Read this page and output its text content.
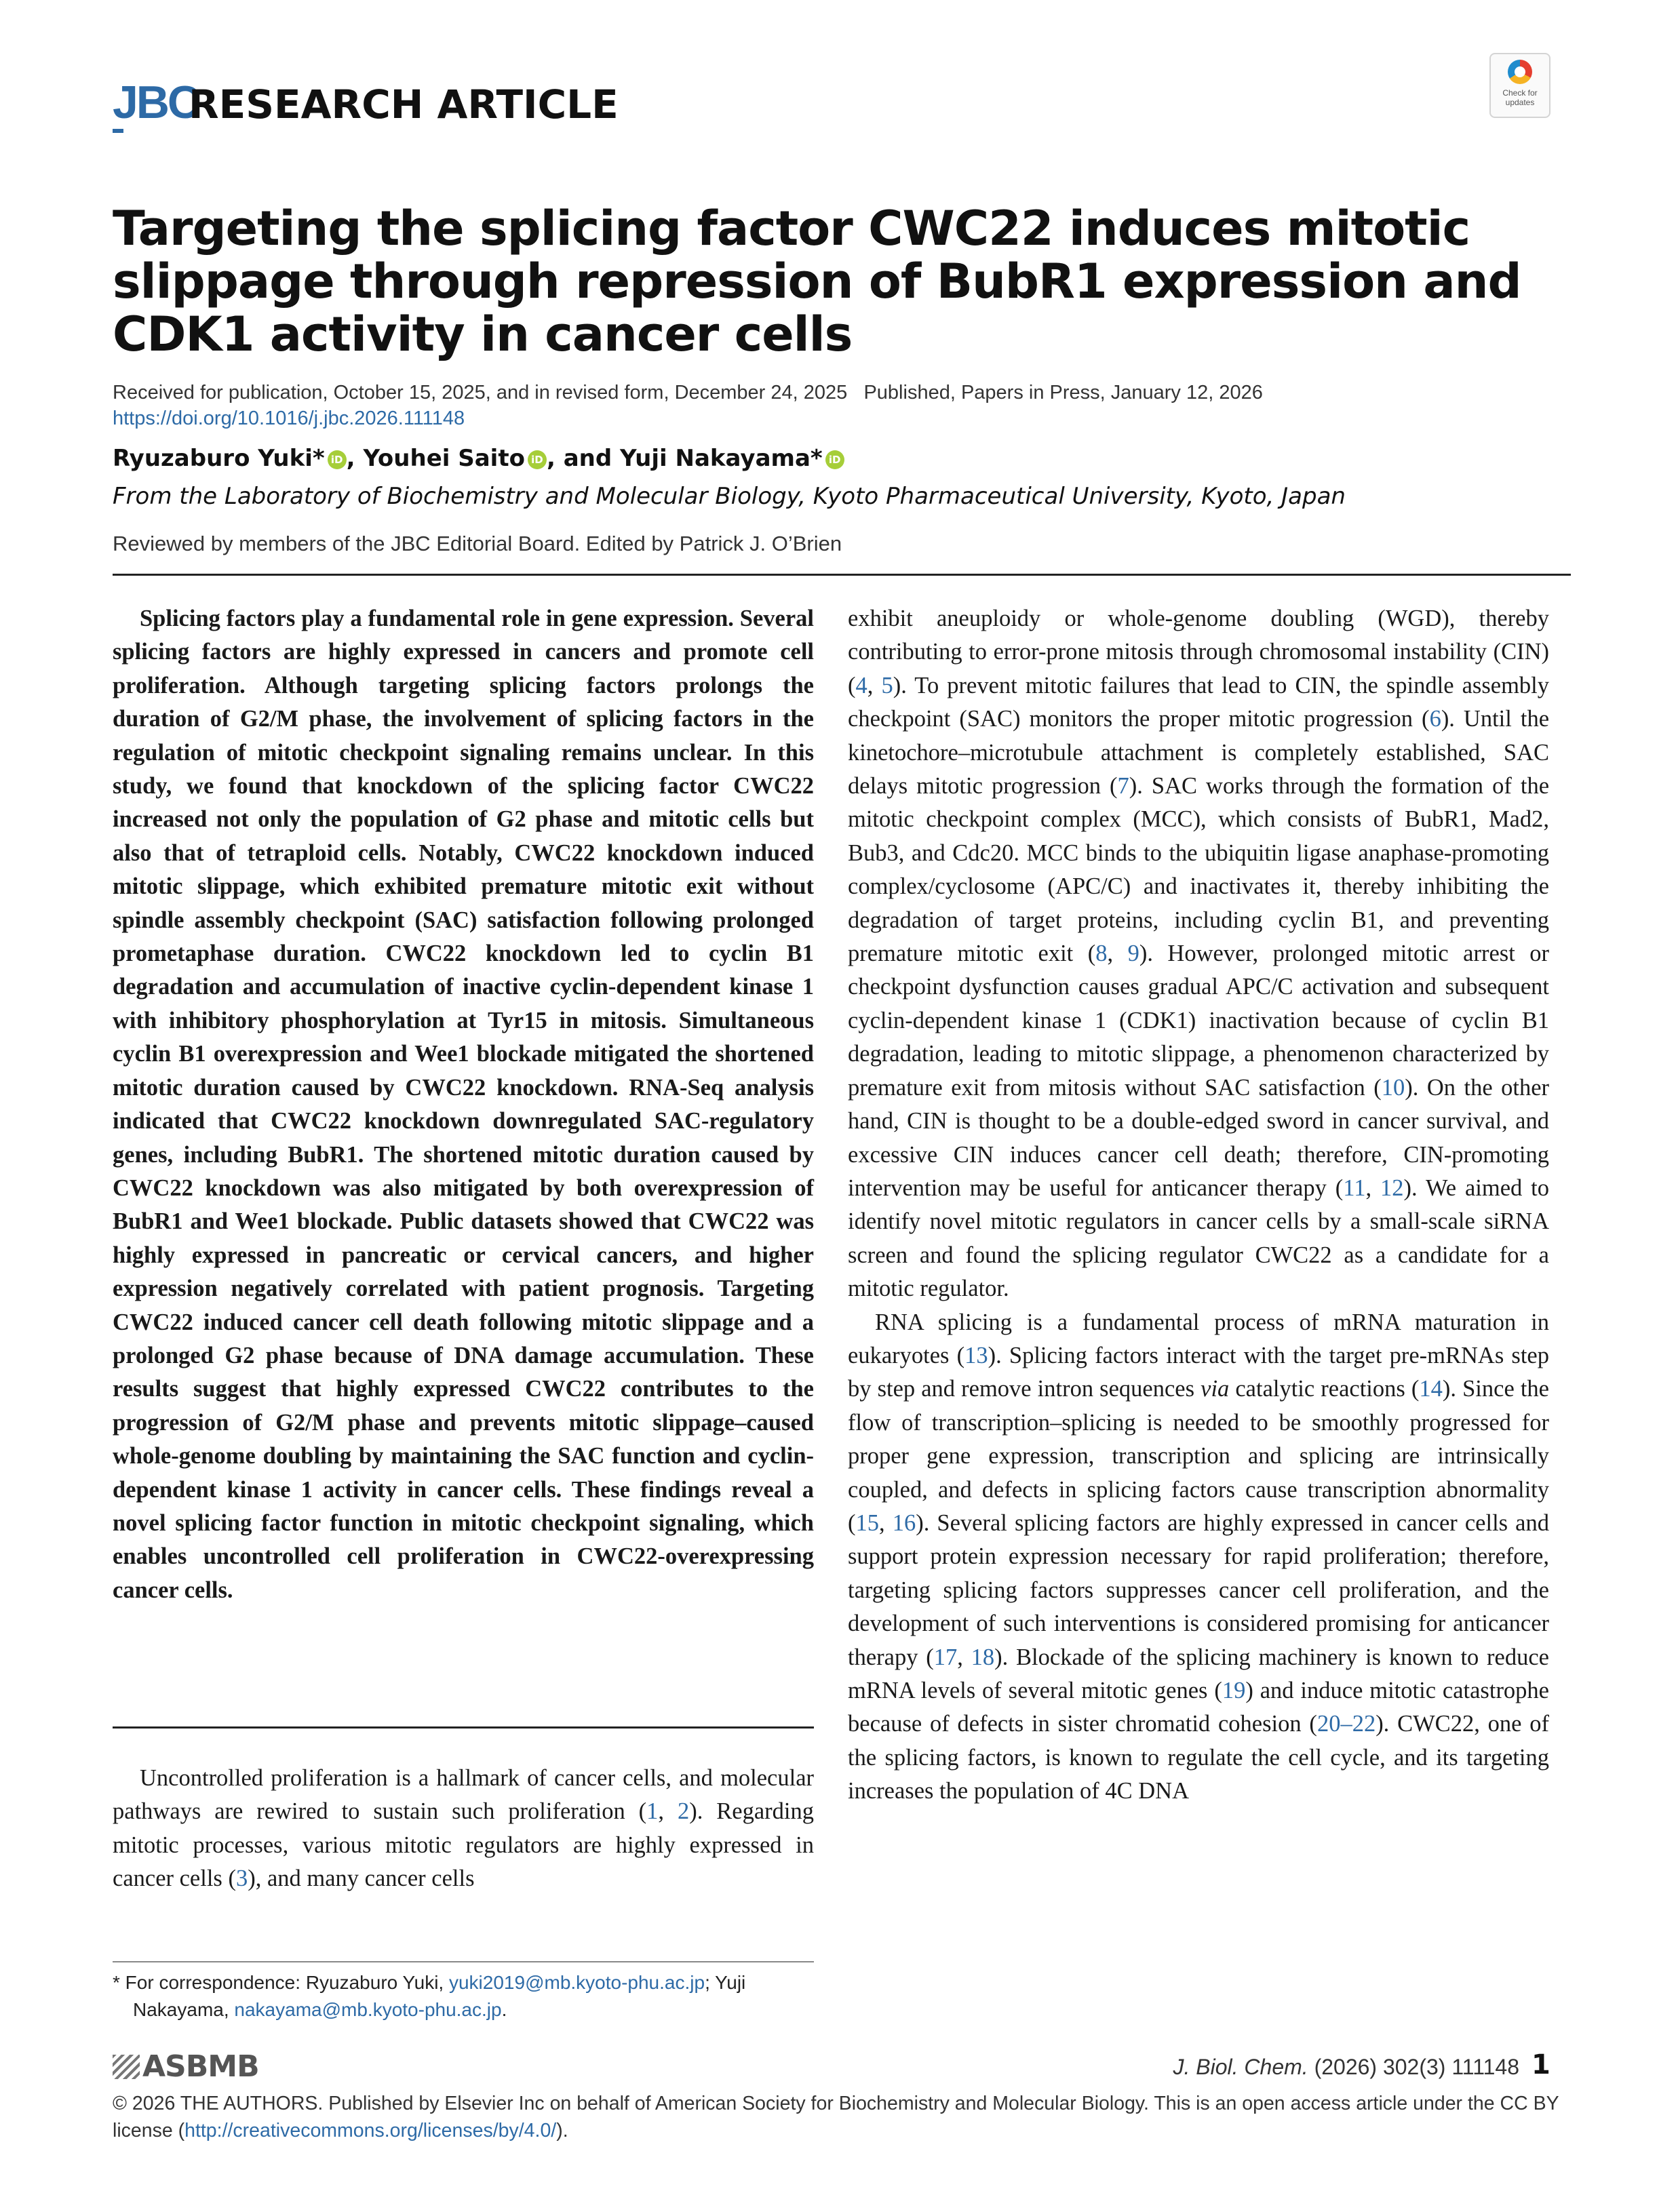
JBC
RESEARCH ARTICLE	Check for updates
Targeting the splicing factor CWC22 induces mitotic slippage through repression of BubR1 expression and CDK1 activity in cancer cells
Received for publication, October 15, 2025, and in revised form, December 24, 2025 Published, Papers in Press, January 12, 2026
https://doi.org/10.1016/j.jbc.2026.111148
Ryuzaburo Yuki* iD , Youhei Saito iD , and Yuji Nakayama* iD
From the Laboratory of Biochemistry and Molecular Biology, Kyoto Pharmaceutical University, Kyoto, Japan
Reviewed by members of the JBC Editorial Board. Edited by Patrick J. O’Brien
Splicing factors play a fundamental role in gene expression. Several splicing factors are highly expressed in cancers and promote cell proliferation. Although targeting splicing factors prolongs the duration of G2/M phase, the involvement of splicing factors in the regulation of mitotic checkpoint signaling remains unclear. In this study, we found that knockdown of the splicing factor CWC22 increased not only the population of G2 phase and mitotic cells but also that of tetraploid cells. Notably, CWC22 knockdown induced mitotic slippage, which exhibited premature mitotic exit without spindle assembly checkpoint (SAC) satisfaction following prolonged prometaphase duration. CWC22 knockdown led to cyclin B1 degradation and accumulation of inactive cyclin-dependent kinase 1 with inhibitory phosphorylation at Tyr15 in mitosis. Simultaneous cyclin B1 overexpression and Wee1 blockade mitigated the shortened mitotic duration caused by CWC22 knockdown. RNA-Seq analysis indicated that CWC22 knockdown downregulated SAC-regulatory genes, including BubR1. The shortened mitotic duration caused by CWC22 knockdown was also mitigated by both overexpression of BubR1 and Wee1 blockade. Public datasets showed that CWC22 was highly expressed in pancreatic or cervical cancers, and higher expression negatively correlated with patient prognosis. Targeting CWC22 induced cancer cell death following mitotic slippage and a prolonged G2 phase because of DNA damage accumulation. These results suggest that highly expressed CWC22 contributes to the progression of G2/M phase and prevents mitotic slippage–caused whole-genome doubling by maintaining the SAC function and cyclin-dependent kinase 1 activity in cancer cells. These findings reveal a novel splicing factor function in mitotic checkpoint signaling, which enables uncontrolled cell proliferation in CWC22-overexpressing cancer cells.
Uncontrolled proliferation is a hallmark of cancer cells, and molecular pathways are rewired to sustain such proliferation (1, 2). Regarding mitotic processes, various mitotic regulators are highly expressed in cancer cells (3), and many cancer cells
* For correspondence: Ryuzaburo Yuki, yuki2019@mb.kyoto-phu.ac.jp; Yuji
Nakayama, nakayama@mb.kyoto-phu.ac.jp.

exhibit aneuploidy or whole-genome doubling (WGD), thereby contributing to error-prone mitosis through chromosomal instability (CIN) (4, 5). To prevent mitotic failures that lead to CIN, the spindle assembly checkpoint (SAC) monitors the proper mitotic progression (6). Until the kinetochore–microtubule attachment is completely established, SAC delays mitotic progression (7). SAC works through the formation of the mitotic checkpoint complex (MCC), which consists of BubR1, Mad2, Bub3, and Cdc20. MCC binds to the ubiquitin ligase anaphase-promoting complex/cyclosome (APC/C) and inactivates it, thereby inhibiting the degradation of target proteins, including cyclin B1, and preventing premature mitotic exit (8, 9). However, prolonged mitotic arrest or checkpoint dysfunction causes gradual APC/C activation and subsequent cyclin-dependent kinase 1 (CDK1) inactivation because of cyclin B1 degradation, leading to mitotic slippage, a phenomenon characterized by premature exit from mitosis without SAC satisfaction (10). On the other hand, CIN is thought to be a double-edged sword in cancer survival, and excessive CIN induces cancer cell death; therefore, CIN-promoting intervention may be useful for anticancer therapy (11, 12). We aimed to identify novel mitotic regulators in cancer cells by a small-scale siRNA screen and found the splicing regulator CWC22 as a candidate for a mitotic regulator.

RNA splicing is a fundamental process of mRNA maturation in eukaryotes (13). Splicing factors interact with the target pre-mRNAs step by step and remove intron sequences via catalytic reactions (14). Since the flow of transcription–splicing is needed to be smoothly progressed for proper gene expression, transcription and splicing are intrinsically coupled, and defects in splicing factors cause transcription abnormality (15, 16). Several splicing factors are highly expressed in cancer cells and support protein expression necessary for rapid proliferation; therefore, targeting splicing factors suppresses cancer cell proliferation, and the development of such interventions is considered promising for anticancer therapy (17, 18). Blockade of the splicing machinery is known to reduce mRNA levels of several mitotic genes (19) and induce mitotic catastrophe because of defects in sister chromatid cohesion (20–22). CWC22, one of the splicing factors, is known to regulate the cell cycle, and its targeting increases the population of 4C DNA

ASBMB	J. Biol. Chem. (2026) 302(3) 111148 1
© 2026 THE AUTHORS. Published by Elsevier Inc on behalf of American Society for Biochemistry and Molecular Biology. This is an open access article under the CC BY license (http://creativecommons.org/licenses/by/4.0/).
